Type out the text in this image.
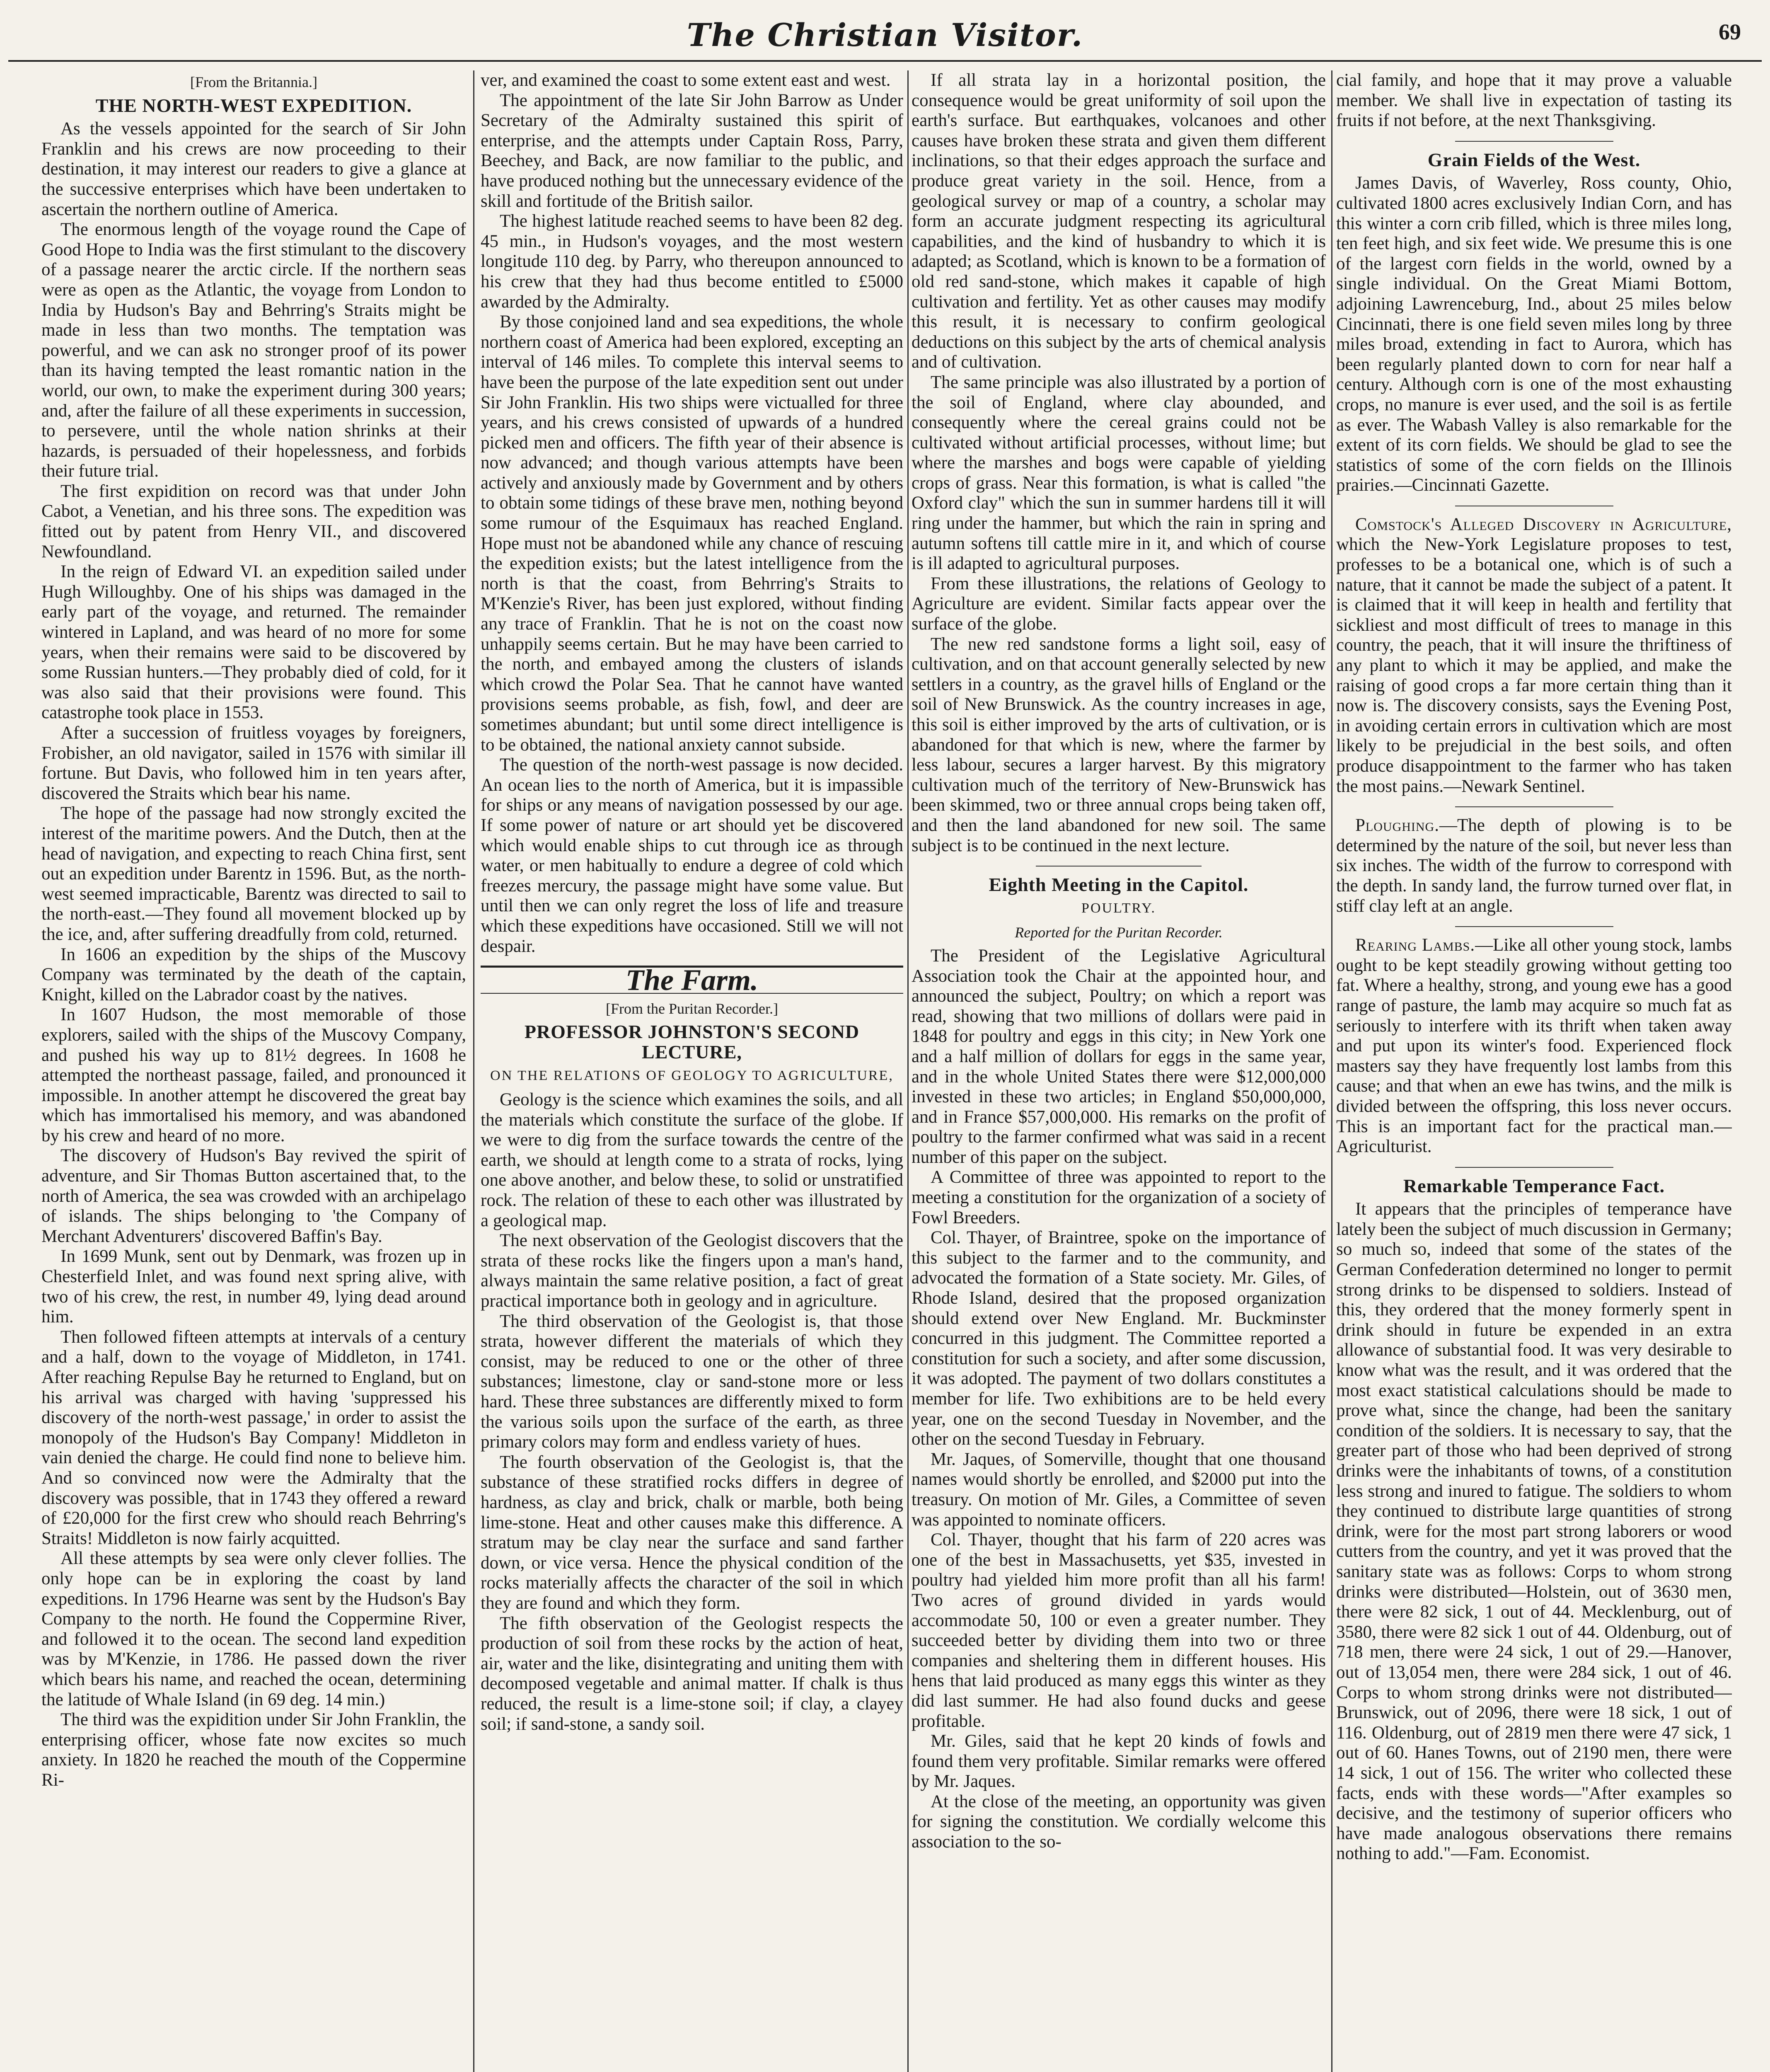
The Christian Visitor.	69

[From the Britannia.]

THE NORTH-WEST EXPEDITION.

As the vessels appointed for the search of Sir John Franklin and his crews are now proceeding to their destination, it may interest our readers to give a glance at the successive enterprises which have been undertaken to ascertain the northern outline of America.

The enormous length of the voyage round the Cape of Good Hope to India was the first stimulant to the discovery of a passage nearer the arctic circle. If the northern seas were as open as the Atlantic, the voyage from London to India by Hudson's Bay and Behrring's Straits might be made in less than two months. The temptation was powerful, and we can ask no stronger proof of its power than its having tempted the least romantic nation in the world, our own, to make the experiment during 300 years; and, after the failure of all these experiments in succession, to persevere, until the whole nation shrinks at their hazards, is persuaded of their hopelessness, and forbids their future trial.

The first expidition on record was that under John Cabot, a Venetian, and his three sons. The expedition was fitted out by patent from Henry VII., and discovered Newfoundland.

In the reign of Edward VI. an expedition sailed under Hugh Willoughby. One of his ships was damaged in the early part of the voyage, and returned. The remainder wintered in Lapland, and was heard of no more for some years, when their remains were said to be discovered by some Russian hunters.—They probably died of cold, for it was also said that their provisions were found. This catastrophe took place in 1553.

After a succession of fruitless voyages by foreigners, Frobisher, an old navigator, sailed in 1576 with similar ill fortune. But Davis, who followed him in ten years after, discovered the Straits which bear his name.

The hope of the passage had now strongly excited the interest of the maritime powers. And the Dutch, then at the head of navigation, and expecting to reach China first, sent out an expedition under Barentz in 1596. But, as the north-west seemed impracticable, Barentz was directed to sail to the north-east.—They found all movement blocked up by the ice, and, after suffering dreadfully from cold, returned.

In 1606 an expedition by the ships of the Muscovy Company was terminated by the death of the captain, Knight, killed on the Labrador coast by the natives.

In 1607 Hudson, the most memorable of those explorers, sailed with the ships of the Muscovy Company, and pushed his way up to 81½ degrees. In 1608 he attempted the northeast passage, failed, and pronounced it impossible. In another attempt he discovered the great bay which has immortalised his memory, and was abandoned by his crew and heard of no more.

The discovery of Hudson's Bay revived the spirit of adventure, and Sir Thomas Button ascertained that, to the north of America, the sea was crowded with an archipelago of islands. The ships belonging to 'the Company of Merchant Adventurers' discovered Baffin's Bay.

In 1699 Munk, sent out by Denmark, was frozen up in Chesterfield Inlet, and was found next spring alive, with two of his crew, the rest, in number 49, lying dead around him.

Then followed fifteen attempts at intervals of a century and a half, down to the voyage of Middleton, in 1741. After reaching Repulse Bay he returned to England, but on his arrival was charged with having 'suppressed his discovery of the north-west passage,' in order to assist the monopoly of the Hudson's Bay Company! Middleton in vain denied the charge. He could find none to believe him. And so convinced now were the Admiralty that the discovery was possible, that in 1743 they offered a reward of £20,000 for the first crew who should reach Behrring's Straits! Middleton is now fairly acquitted.

All these attempts by sea were only clever follies. The only hope can be in exploring the coast by land expeditions. In 1796 Hearne was sent by the Hudson's Bay Company to the north. He found the Coppermine River, and followed it to the ocean. The second land expedition was by M'Kenzie, in 1786. He passed down the river which bears his name, and reached the ocean, determining the latitude of Whale Island (in 69 deg. 14 min.)

The third was the expidition under Sir John Franklin, the enterprising officer, whose fate now excites so much anxiety. In 1820 he reached the mouth of the Coppermine Ri-

ver, and examined the coast to some extent east and west.

The appointment of the late Sir John Barrow as Under Secretary of the Admiralty sustained this spirit of enterprise, and the attempts under Captain Ross, Parry, Beechey, and Back, are now familiar to the public, and have produced nothing but the unnecessary evidence of the skill and fortitude of the British sailor.

The highest latitude reached seems to have been 82 deg. 45 min., in Hudson's voyages, and the most western longitude 110 deg. by Parry, who thereupon announced to his crew that they had thus become entitled to £5000 awarded by the Admiralty.

By those conjoined land and sea expeditions, the whole northern coast of America had been explored, excepting an interval of 146 miles. To complete this interval seems to have been the purpose of the late expedition sent out under Sir John Franklin. His two ships were victualled for three years, and his crews consisted of upwards of a hundred picked men and officers. The fifth year of their absence is now advanced; and though various attempts have been actively and anxiously made by Government and by others to obtain some tidings of these brave men, nothing beyond some rumour of the Esquimaux has reached England. Hope must not be abandoned while any chance of rescuing the expedition exists; but the latest intelligence from the north is that the coast, from Behrring's Straits to M'Kenzie's River, has been just explored, without finding any trace of Franklin. That he is not on the coast now unhappily seems certain. But he may have been carried to the north, and embayed among the clusters of islands which crowd the Polar Sea. That he cannot have wanted provisions seems probable, as fish, fowl, and deer are sometimes abundant; but until some direct intelligence is to be obtained, the national anxiety cannot subside.

The question of the north-west passage is now decided. An ocean lies to the north of America, but it is impassible for ships or any means of navigation possessed by our age. If some power of nature or art should yet be discovered which would enable ships to cut through ice as through water, or men habitually to endure a degree of cold which freezes mercury, the passage might have some value. But until then we can only regret the loss of life and treasure which these expeditions have occasioned. Still we will not despair.

The Farm.

[From the Puritan Recorder.]

PROFESSOR JOHNSTON'S SECOND LECTURE,

ON THE RELATIONS OF GEOLOGY TO AGRICULTURE,

Geology is the science which examines the soils, and all the materials which constitute the surface of the globe. If we were to dig from the surface towards the centre of the earth, we should at length come to a strata of rocks, lying one above another, and below these, to solid or unstratified rock. The relation of these to each other was illustrated by a geological map.

The next observation of the Geologist discovers that the strata of these rocks like the fingers upon a man's hand, always maintain the same relative position, a fact of great practical importance both in geology and in agriculture.

The third observation of the Geologist is, that those strata, however different the materials of which they consist, may be reduced to one or the other of three substances; limestone, clay or sand-stone more or less hard. These three substances are differently mixed to form the various soils upon the surface of the earth, as three primary colors may form and endless variety of hues.

The fourth observation of the Geologist is, that the substance of these stratified rocks differs in degree of hardness, as clay and brick, chalk or marble, both being lime-stone. Heat and other causes make this difference. A stratum may be clay near the surface and sand farther down, or vice versa. Hence the physical condition of the rocks materially affects the character of the soil in which they are found and which they form.

The fifth observation of the Geologist respects the production of soil from these rocks by the action of heat, air, water and the like, disintegrating and uniting them with decomposed vegetable and animal matter. If chalk is thus reduced, the result is a lime-stone soil; if clay, a clayey soil; if sand-stone, a sandy soil.

If all strata lay in a horizontal position, the consequence would be great uniformity of soil upon the earth's surface. But earthquakes, volcanoes and other causes have broken these strata and given them different inclinations, so that their edges approach the surface and produce great variety in the soil. Hence, from a geological survey or map of a country, a scholar may form an accurate judgment respecting its agricultural capabilities, and the kind of husbandry to which it is adapted; as Scotland, which is known to be a formation of old red sand-stone, which makes it capable of high cultivation and fertility. Yet as other causes may modify this result, it is necessary to confirm geological deductions on this subject by the arts of chemical analysis and of cultivation.

The same principle was also illustrated by a portion of the soil of England, where clay abounded, and consequently where the cereal grains could not be cultivated without artificial processes, without lime; but where the marshes and bogs were capable of yielding crops of grass. Near this formation, is what is called "the Oxford clay" which the sun in summer hardens till it will ring under the hammer, but which the rain in spring and autumn softens till cattle mire in it, and which of course is ill adapted to agricultural purposes.

From these illustrations, the relations of Geology to Agriculture are evident. Similar facts appear over the surface of the globe.

The new red sandstone forms a light soil, easy of cultivation, and on that account generally selected by new settlers in a country, as the gravel hills of England or the soil of New Brunswick. As the country increases in age, this soil is either improved by the arts of cultivation, or is abandoned for that which is new, where the farmer by less labour, secures a larger harvest. By this migratory cultivation much of the territory of New-Brunswick has been skimmed, two or three annual crops being taken off, and then the land abandoned for new soil. The same subject is to be continued in the next lecture.

Eighth Meeting in the Capitol.

POULTRY.

Reported for the Puritan Recorder.

The President of the Legislative Agricultural Association took the Chair at the appointed hour, and announced the subject, Poultry; on which a report was read, showing that two millions of dollars were paid in 1848 for poultry and eggs in this city; in New York one and a half million of dollars for eggs in the same year, and in the whole United States there were $12,000,000 invested in these two articles; in England $50,000,000, and in France $57,000,000. His remarks on the profit of poultry to the farmer confirmed what was said in a recent number of this paper on the subject.

A Committee of three was appointed to report to the meeting a constitution for the organization of a society of Fowl Breeders.

Col. Thayer, of Braintree, spoke on the importance of this subject to the farmer and to the community, and advocated the formation of a State society. Mr. Giles, of Rhode Island, desired that the proposed organization should extend over New England. Mr. Buckminster concurred in this judgment. The Committee reported a constitution for such a society, and after some discussion, it was adopted. The payment of two dollars constitutes a member for life. Two exhibitions are to be held every year, one on the second Tuesday in November, and the other on the second Tuesday in February.

Mr. Jaques, of Somerville, thought that one thousand names would shortly be enrolled, and $2000 put into the treasury. On motion of Mr. Giles, a Committee of seven was appointed to nominate officers.

Col. Thayer, thought that his farm of 220 acres was one of the best in Massachusetts, yet $35, invested in poultry had yielded him more profit than all his farm! Two acres of ground divided in yards would accommodate 50, 100 or even a greater number. They succeeded better by dividing them into two or three companies and sheltering them in different houses. His hens that laid produced as many eggs this winter as they did last summer. He had also found ducks and geese profitable.

Mr. Giles, said that he kept 20 kinds of fowls and found them very profitable. Similar remarks were offered by Mr. Jaques.

At the close of the meeting, an opportunity was given for signing the constitution. We cordially welcome this association to the so-

cial family, and hope that it may prove a valuable member. We shall live in expectation of tasting its fruits if not before, at the next Thanksgiving.

Grain Fields of the West.

James Davis, of Waverley, Ross county, Ohio, cultivated 1800 acres exclusively Indian Corn, and has this winter a corn crib filled, which is three miles long, ten feet high, and six feet wide. We presume this is one of the largest corn fields in the world, owned by a single individual. On the Great Miami Bottom, adjoining Lawrenceburg, Ind., about 25 miles below Cincinnati, there is one field seven miles long by three miles broad, extending in fact to Aurora, which has been regularly planted down to corn for near half a century. Although corn is one of the most exhausting crops, no manure is ever used, and the soil is as fertile as ever. The Wabash Valley is also remarkable for the extent of its corn fields. We should be glad to see the statistics of some of the corn fields on the Illinois prairies.—Cincinnati Gazette.

Comstock's Alleged Discovery in Agriculture, which the New-York Legislature proposes to test, professes to be a botanical one, which is of such a nature, that it cannot be made the subject of a patent. It is claimed that it will keep in health and fertility that sickliest and most difficult of trees to manage in this country, the peach, that it will insure the thriftiness of any plant to which it may be applied, and make the raising of good crops a far more certain thing than it now is. The discovery consists, says the Evening Post, in avoiding certain errors in cultivation which are most likely to be prejudicial in the best soils, and often produce disappointment to the farmer who has taken the most pains.—Newark Sentinel.

Ploughing.—The depth of plowing is to be determined by the nature of the soil, but never less than six inches. The width of the furrow to correspond with the depth. In sandy land, the furrow turned over flat, in stiff clay left at an angle.

Rearing Lambs.—Like all other young stock, lambs ought to be kept steadily growing without getting too fat. Where a healthy, strong, and young ewe has a good range of pasture, the lamb may acquire so much fat as seriously to interfere with its thrift when taken away and put upon its winter's food. Experienced flock masters say they have frequently lost lambs from this cause; and that when an ewe has twins, and the milk is divided between the offspring, this loss never occurs. This is an important fact for the practical man.—Agriculturist.

Remarkable Temperance Fact.

It appears that the principles of temperance have lately been the subject of much discussion in Germany; so much so, indeed that some of the states of the German Confederation determined no longer to permit strong drinks to be dispensed to soldiers. Instead of this, they ordered that the money formerly spent in drink should in future be expended in an extra allowance of substantial food. It was very desirable to know what was the result, and it was ordered that the most exact statistical calculations should be made to prove what, since the change, had been the sanitary condition of the soldiers. It is necessary to say, that the greater part of those who had been deprived of strong drinks were the inhabitants of towns, of a constitution less strong and inured to fatigue. The soldiers to whom they continued to distribute large quantities of strong drink, were for the most part strong laborers or wood cutters from the country, and yet it was proved that the sanitary state was as follows: Corps to whom strong drinks were distributed—Holstein, out of 3630 men, there were 82 sick, 1 out of 44. Mecklenburg, out of 3580, there were 82 sick 1 out of 44. Oldenburg, out of 718 men, there were 24 sick, 1 out of 29.—Hanover, out of 13,054 men, there were 284 sick, 1 out of 46. Corps to whom strong drinks were not distributed—Brunswick, out of 2096, there were 18 sick, 1 out of 116. Oldenburg, out of 2819 men there were 47 sick, 1 out of 60. Hanes Towns, out of 2190 men, there were 14 sick, 1 out of 156. The writer who collected these facts, ends with these words—"After examples so decisive, and the testimony of superior officers who have made analogous observations there remains nothing to add."—Fam. Economist.
